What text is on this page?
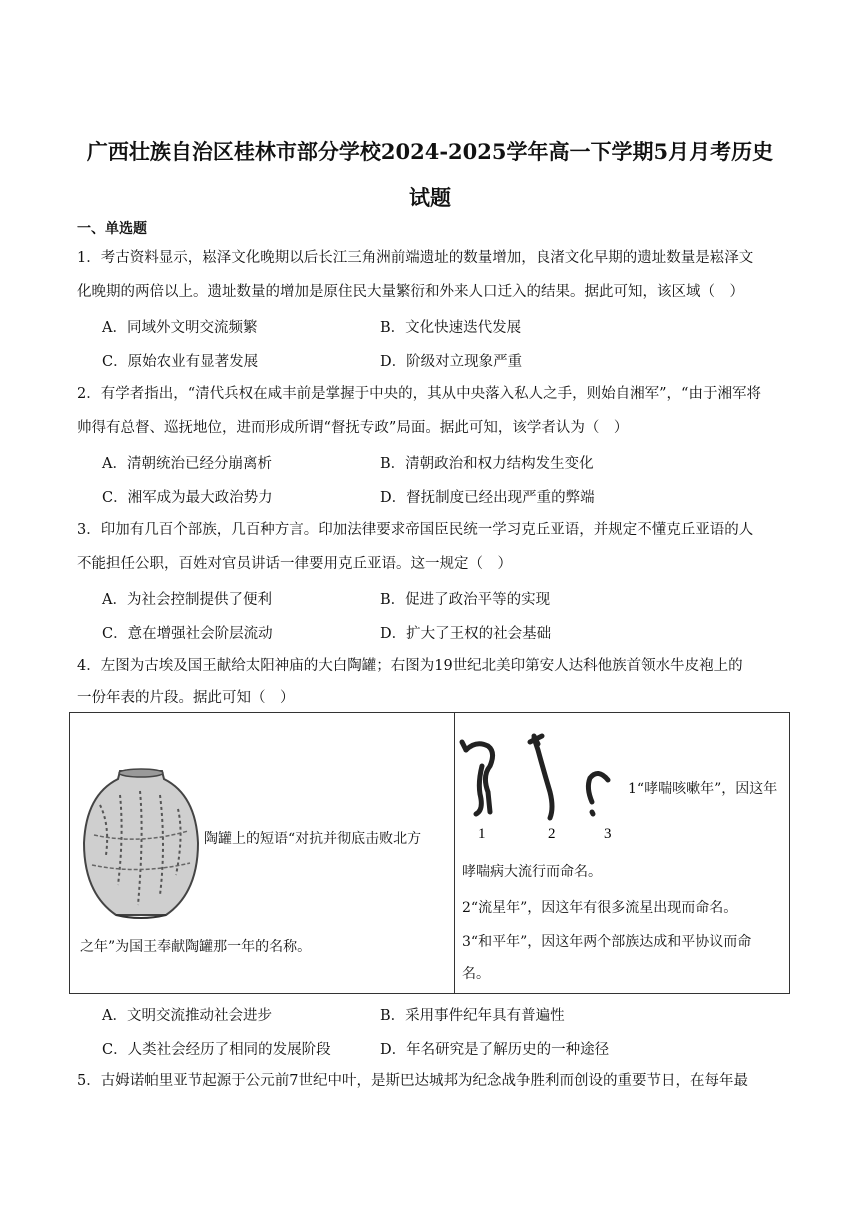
广西壮族自治区桂林市部分学校2024-2025学年高一下学期5月月考历史
试题
一、单选题
1．考古资料显示，崧泽文化晚期以后长江三角洲前端遗址的数量增加，良渚文化早期的遗址数量是崧泽文
化晚期的两倍以上。遗址数量的增加是原住民大量繁衍和外来人口迁入的结果。据此可知，该区域（　）
A．同域外文明交流频繁	B．文化快速迭代发展
C．原始农业有显著发展	D．阶级对立现象严重
2．有学者指出，“清代兵权在咸丰前是掌握于中央的，其从中央落入私人之手，则始自湘军”，“由于湘军将
帅得有总督、巡抚地位，进而形成所谓“督抚专政”局面。据此可知，该学者认为（　）
A．清朝统治已经分崩离析	B．清朝政治和权力结构发生变化
C．湘军成为最大政治势力	D．督抚制度已经出现严重的弊端
3．印加有几百个部族，几百种方言。印加法律要求帝国臣民统一学习克丘亚语，并规定不懂克丘亚语的人
不能担任公职，百姓对官员讲话一律要用克丘亚语。这一规定（　）
A．为社会控制提供了便利	B．促进了政治平等的实现
C．意在增强社会阶层流动	D．扩大了王权的社会基础
4．左图为古埃及国王献给太阳神庙的大白陶罐；右图为19世纪北美印第安人达科他族首领水牛皮袍上的
一份年表的片段。据此可知（　）
1	2	3
陶罐上的短语“对抗并彻底击败北方
之年”为国王奉献陶罐那一年的名称。
1“哮喘咳嗽年”，因这年
哮喘病大流行而命名。
2“流星年”，因这年有很多流星出现而命名。
3“和平年”，因这年两个部族达成和平协议而命
名。
A．文明交流推动社会进步	B．采用事件纪年具有普遍性
C．人类社会经历了相同的发展阶段	D．年名研究是了解历史的一种途径
5．古姆诺帕里亚节起源于公元前7世纪中叶，是斯巴达城邦为纪念战争胜利而创设的重要节日，在每年最
